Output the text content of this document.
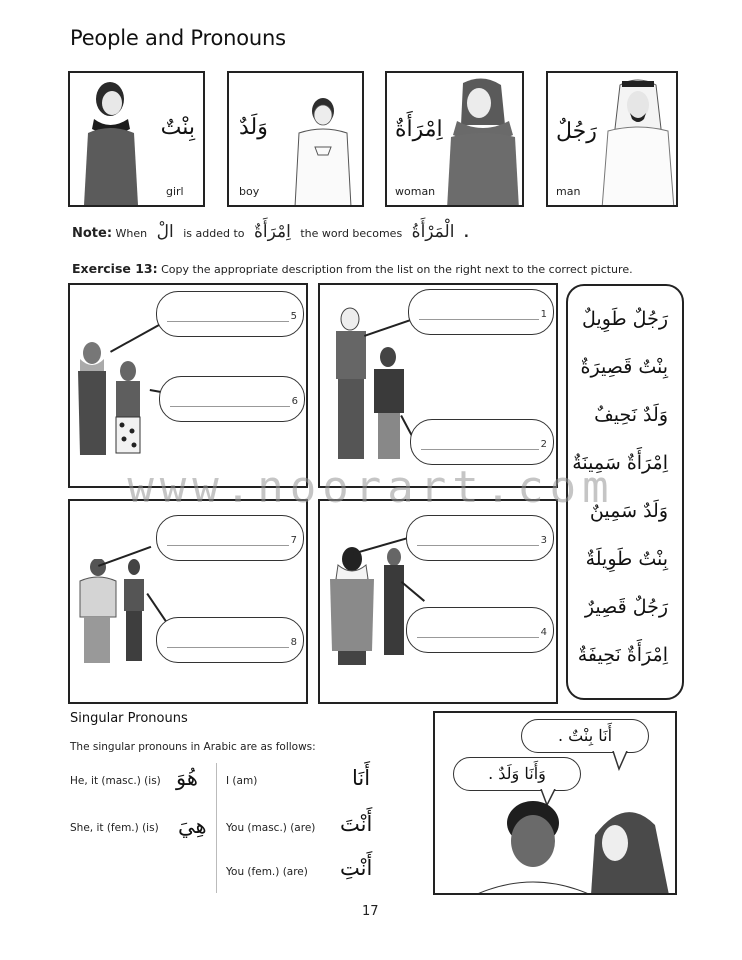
People and Pronouns
بِنْتٌ
girl
وَلَدٌ
boy
اِمْرَأَةٌ
woman
رَجُلٌ
man
Note: When الْ is added to اِمْرَأَةٌ the word becomes الْمَرْأَةُ .
Exercise 13: Copy the appropriate description from the list on the right next to the correct picture.
5
6
1
2
7
8
3
4
رَجُلٌ طَوِيلٌ
بِنْتٌ قَصِيرَةٌ
وَلَدٌ نَحِيفٌ
اِمْرَأَةٌ سَمِينَةٌ
وَلَدٌ سَمِينٌ
بِنْتٌ طَوِيلَةٌ
رَجُلٌ قَصِيرٌ
اِمْرَأَةٌ نَحِيفَةٌ
www.noorart.com
Singular Pronouns
The singular pronouns in Arabic are as follows:
He, it (masc.) (is) هُوَ
She, it (fem.) (is) هِيَ
I (am)	أَنَا
You (masc.) (are) أَنْتَ
You (fem.) (are) أَنْتِ
أَنَا بِنْتٌ .
وَأَنَا وَلَدٌ .
17
